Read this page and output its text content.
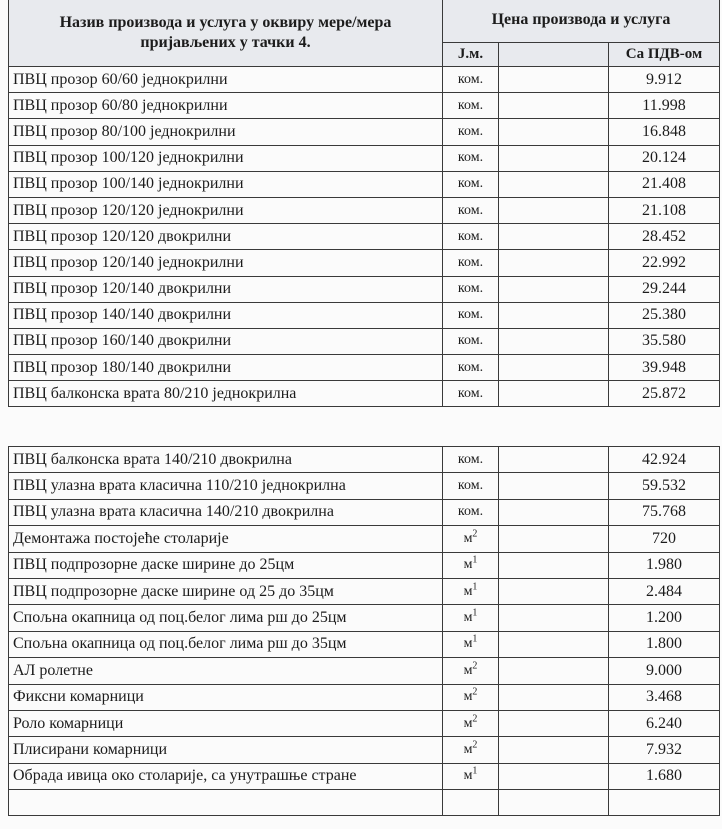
Назив производа и услуга у оквиру мере/мера
пријављених у тачки 4.	Цена производа и услуга		
	Ј.м.		Са ПДВ-ом
ПВЦ прозор 60/60 једнокрилни	ком.		9.912
ПВЦ прозор 60/80 једнокрилни	ком.		11.998
ПВЦ прозор 80/100 једнокрилни	ком.		16.848
ПВЦ прозор 100/120 једнокрилни	ком.		20.124
ПВЦ прозор 100/140 једнокрилни	ком.		21.408
ПВЦ прозор 120/120 једнокрилни	ком.		21.108
ПВЦ прозор 120/120 двокрилни	ком.		28.452
ПВЦ прозор 120/140 једнокрилни	ком.		22.992
ПВЦ прозор 120/140 двокрилни	ком.		29.244
ПВЦ прозор 140/140 двокрилни	ком.		25.380
ПВЦ прозор 160/140 двокрилни	ком.		35.580
ПВЦ прозор 180/140 двокрилни	ком.		39.948
ПВЦ балконска врата 80/210 једнокрилна	ком.		25.872
ПВЦ балконска врата 140/210 двокрилна	ком.		42.924
ПВЦ улазна врата класична 110/210 једнокрилна	ком.		59.532
ПВЦ улазна врата класична 140/210 двокрилна	ком.		75.768
Демонтажа постојеће столарије	$м^2$		720
ПВЦ подпрозорне даске ширине до 25цм	$м^1$		1.980
ПВЦ подпрозорне даске ширине од 25 до 35цм	$м^1$		2.484
Спољна окапница од поц.белог лима рш до 25цм	$м^1$		1.200
Спољна окапница од поц.белог лима рш до 35цм	$м^1$		1.800
АЛ ролетне	$м^2$		9.000
Фиксни комарници	$м^2$		3.468
Роло комарници	$м^2$		6.240
Плисирани комарници	$м^2$		7.932
Обрада ивица око столарије, са унутрашње стране	$м^1$		1.680
